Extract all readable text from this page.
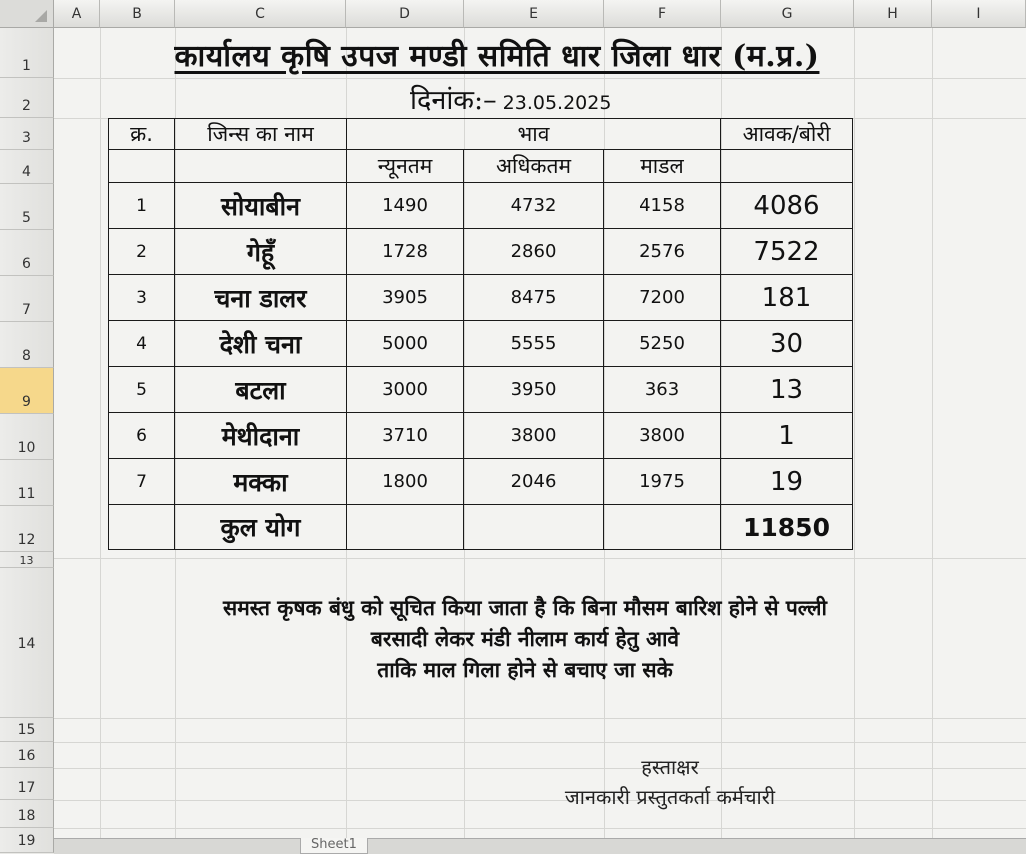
A	B	C	D	E	F	G	H	I
1
2
3
4
5
6
7
8
9
10
11
12
13
14
15
16
17
18
19
कार्यालय कृषि उपज मण्डी समिति धार जिला धार (म.प्र.)
दिनांक:– 23.05.2025
क्र.	जिन्स का नाम	भाव			आवक/बोरी
		न्यूनतम	अधिकतम	माडल	
1	सोयाबीन	1490	4732	4158	4086
2	गेहूँ	1728	2860	2576	7522
3	चना डालर	3905	8475	7200	181
4	देशी चना	5000	5555	5250	30
5	बटला	3000	3950	363	13
6	मेथीदाना	3710	3800	3800	1
7	मक्का	1800	2046	1975	19
	कुल योग				11850
समस्त कृषक बंधु को सूचित किया जाता है कि बिना मौसम बारिश होने से पल्ली
बरसादी लेकर मंडी नीलाम कार्य हेतु आवे
ताकि माल गिला होने से बचाए जा सके
हस्ताक्षर
जानकारी प्रस्तुतकर्ता कर्मचारी
Sheet1
